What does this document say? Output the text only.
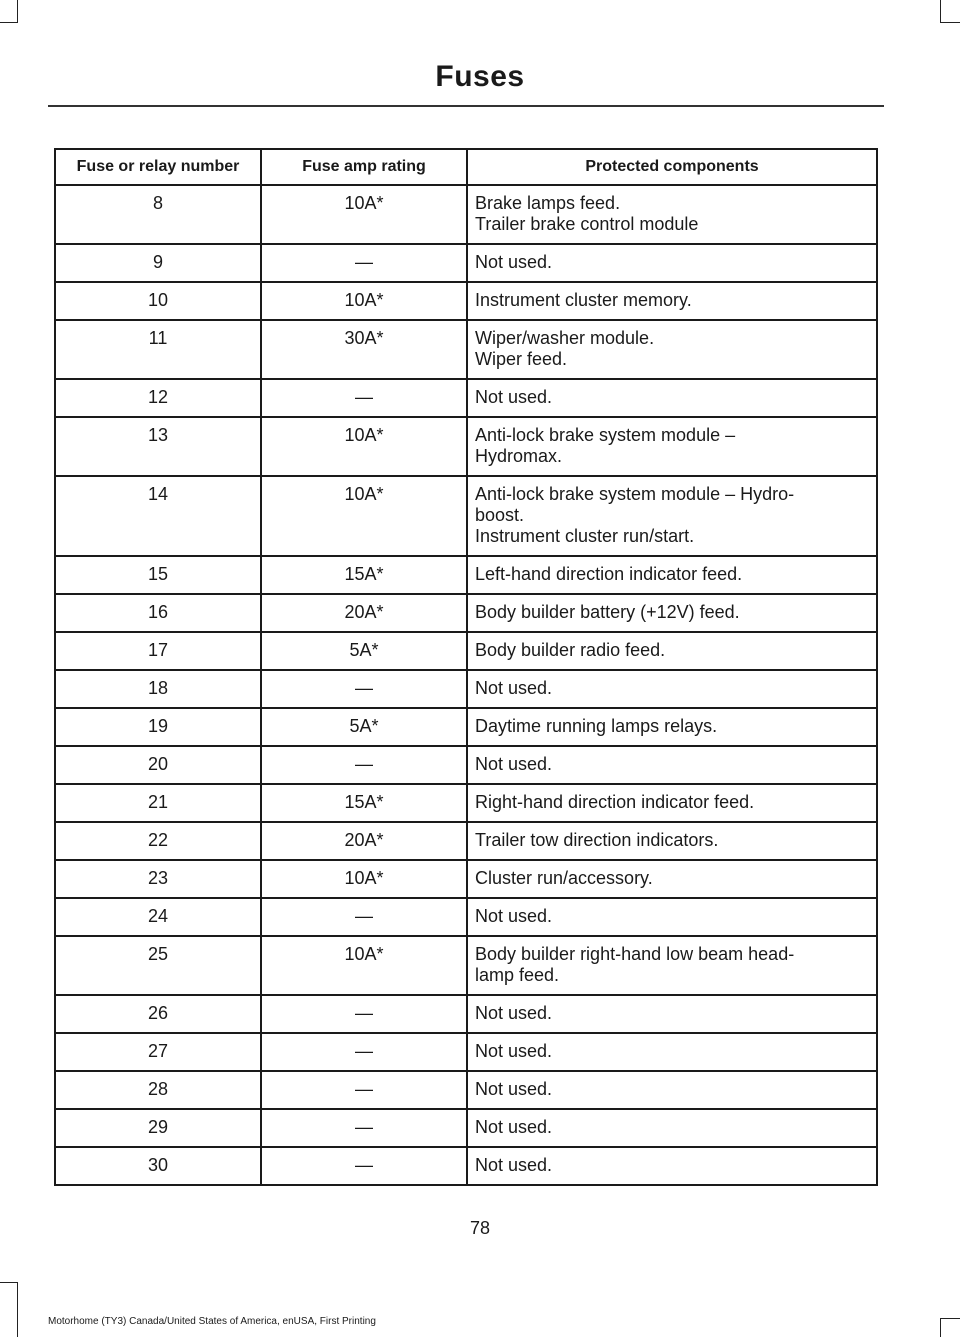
Fuses
Fuse or relay number	Fuse amp rating	Protected components
8	10A*	Brake lamps feed.
Trailer brake control module

9	—	Not used.

10	10A*	Instrument cluster memory.

11	30A*	Wiper/washer module.
Wiper feed.

12	—	Not used.

13	10A*	Anti-lock brake system module –
Hydromax.

14	10A*	Anti-lock brake system module – Hydro-
boost.
Instrument cluster run/start.

15	15A*	Left-hand direction indicator feed.

16	20A*	Body builder battery (+12V) feed.

17	5A*	Body builder radio feed.

18	—	Not used.

19	5A*	Daytime running lamps relays.

20	—	Not used.

21	15A*	Right-hand direction indicator feed.

22	20A*	Trailer tow direction indicators.

23	10A*	Cluster run/accessory.

24	—	Not used.

25	10A*	Body builder right-hand low beam head-
lamp feed.

26	—	Not used.

27	—	Not used.

28	—	Not used.

29	—	Not used.

30	—	Not used.
78
Motorhome (TY3) Canada/United States of America, enUSA, First Printing
